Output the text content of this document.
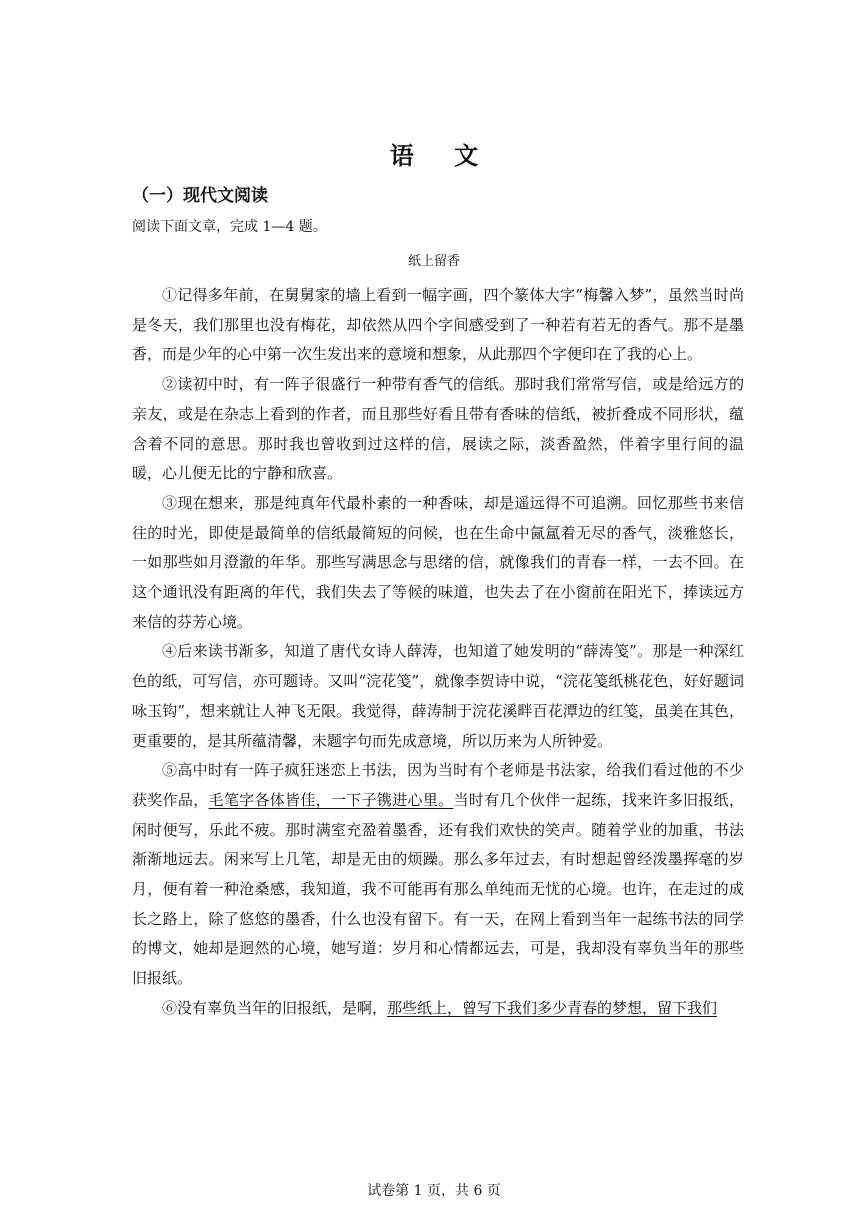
语 文
（一）现代文阅读
阅读下面文章，完成 1—4 题。
纸上留香

①记得多年前，在舅舅家的墙上看到一幅字画，四个篆体大字“梅馨入梦”，虽然当时尚是冬天，我们那里也没有梅花，却依然从四个字间感受到了一种若有若无的香气。那不是墨香，而是少年的心中第一次生发出来的意境和想象，从此那四个字便印在了我的心上。

②读初中时，有一阵子很盛行一种带有香气的信纸。那时我们常常写信，或是给远方的亲友，或是在杂志上看到的作者，而且那些好看且带有香味的信纸，被折叠成不同形状，蕴含着不同的意思。那时我也曾收到过这样的信，展读之际，淡香盈然，伴着字里行间的温暖，心儿便无比的宁静和欣喜。

③现在想来，那是纯真年代最朴素的一种香味，却是遥远得不可追溯。回忆那些书来信往的时光，即使是最简单的信纸最简短的问候，也在生命中氤氲着无尽的香气，淡雅悠长，一如那些如月澄澈的年华。那些写满思念与思绪的信，就像我们的青春一样，一去不回。在这个通讯没有距离的年代，我们失去了等候的味道，也失去了在小窗前在阳光下，捧读远方来信的芬芳心境。

④后来读书渐多，知道了唐代女诗人薛涛，也知道了她发明的“薛涛笺”。那是一种深红色的纸，可写信，亦可题诗。又叫“浣花笺”，就像李贺诗中说，“浣花笺纸桃花色，好好题词咏玉钩”，想来就让人神飞无限。我觉得，薛涛制于浣花溪畔百花潭边的红笺，虽美在其色，更重要的，是其所蕴清馨，未题字句而先成意境，所以历来为人所钟爱。

⑤高中时有一阵子疯狂迷恋上书法，因为当时有个老师是书法家，给我们看过他的不少获奖作品，毛笔字各体皆佳，一下子镌进心里。当时有几个伙伴一起练，找来许多旧报纸，闲时便写，乐此不疲。那时满室充盈着墨香，还有我们欢快的笑声。随着学业的加重，书法渐渐地远去。闲来写上几笔，却是无由的烦躁。那么多年过去，有时想起曾经泼墨挥毫的岁月，便有着一种沧桑感，我知道，我不可能再有那么单纯而无忧的心境。也许，在走过的成长之路上，除了悠悠的墨香，什么也没有留下。有一天，在网上看到当年一起练书法的同学的博文，她却是迥然的心境，她写道：岁月和心情都远去，可是，我却没有辜负当年的那些旧报纸。

⑥没有辜负当年的旧报纸，是啊，那些纸上，曾写下我们多少青春的梦想，留下我们

试卷第 1 页，共 6 页
